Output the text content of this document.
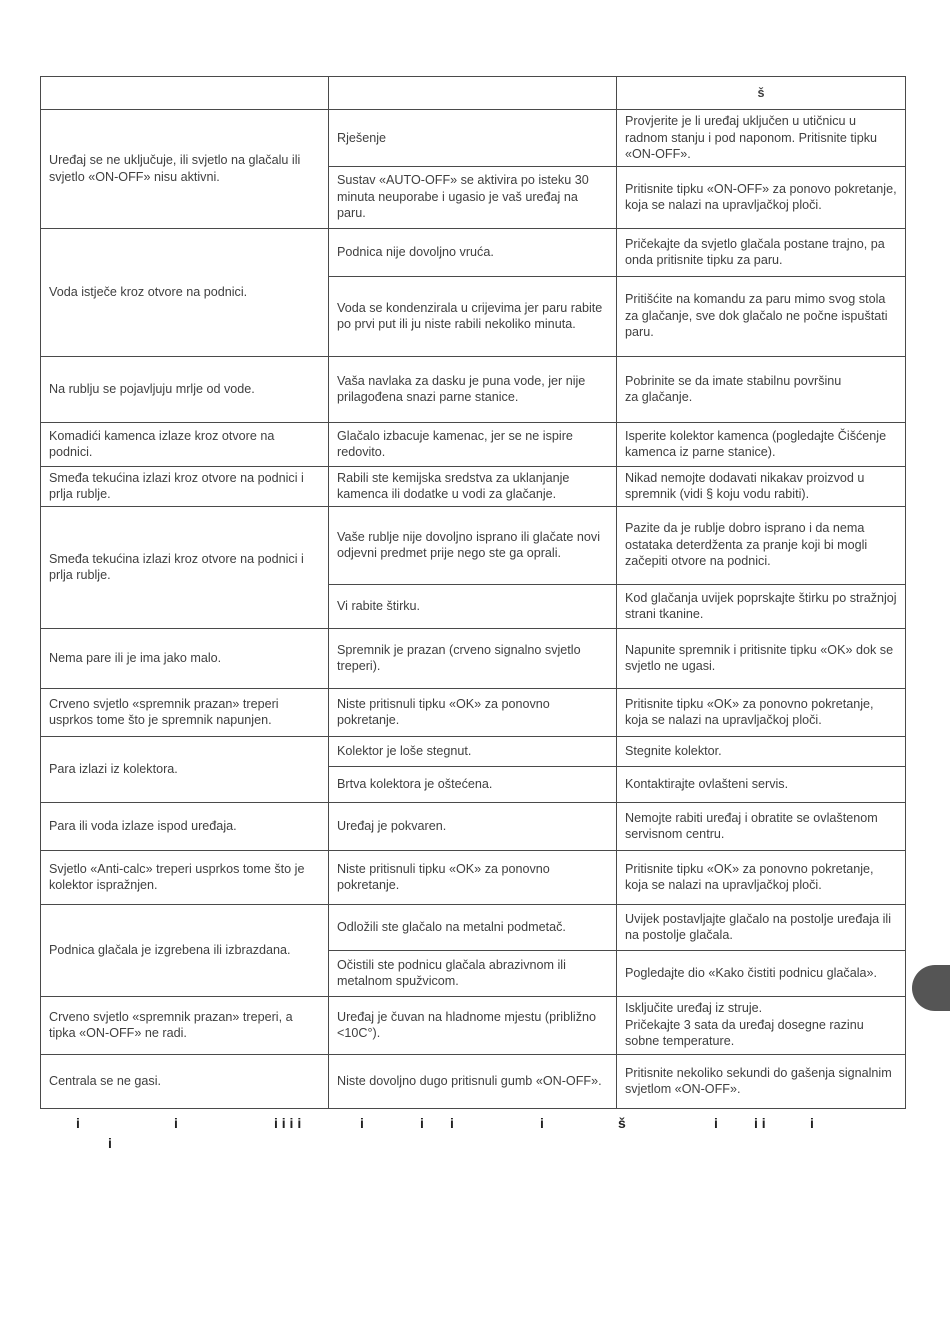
		š
Uređaj se ne uključuje, ili svjetlo na glačalu ili svjetlo «ON-OFF» nisu aktivni.	Rješenje	Provjerite je li uređaj uključen u utičnicu u radnom stanju i pod naponom. Pritisnite tipku «ON-OFF».
	Sustav «AUTO-OFF» se aktivira po isteku 30 minuta neuporabe i ugasio je vaš uređaj na paru.	Pritisnite tipku «ON-OFF» za ponovo pokretanje, koja se nalazi na upravljačkoj ploči.
Voda istječe kroz otvore na podnici.	Podnica nije dovoljno vruća.	Pričekajte da svjetlo glačala postane trajno, pa onda pritisnite tipku za paru.
	Voda se kondenzirala u crijevima jer paru rabite po prvi put ili ju niste rabili nekoliko minuta.	Pritišćite na komandu za paru mimo svog stola za glačanje, sve dok glačalo ne počne ispuštati paru.
Na rublju se pojavljuju mrlje od vode.	Vaša navlaka za dasku je puna vode, jer nije prilagođena snazi parne stanice.	Pobrinite se da imate stabilnu površinu
za glačanje.
Komadići kamenca izlaze kroz otvore na podnici.	Glačalo izbacuje kamenac, jer se ne ispire redovito.	Isperite kolektor kamenca (pogledajte Čišćenje kamenca iz parne stanice).
Smeđa tekućina izlazi kroz otvore na podnici i prlja rublje.	Rabili ste kemijska sredstva za uklanjanje kamenca ili dodatke u vodi za glačanje.	Nikad nemojte dodavati nikakav proizvod u spremnik (vidi § koju vodu rabiti).
Smeđa tekućina izlazi kroz otvore na podnici i prlja rublje.	Vaše rublje nije dovoljno isprano ili glačate novi odjevni predmet prije nego ste ga oprali.	Pazite da je rublje dobro isprano i da nema ostataka deterdženta za pranje koji bi mogli začepiti otvore na podnici.
	Vi rabite štirku.	Kod glačanja uvijek poprskajte štirku po stražnjoj strani tkanine.
Nema pare ili je ima jako malo.	Spremnik je prazan (crveno signalno svjetlo treperi).	Napunite spremnik i pritisnite tipku «OK» dok se svjetlo ne ugasi.
Crveno svjetlo «spremnik prazan» treperi usprkos tome što je spremnik napunjen.	Niste pritisnuli tipku «OK» za ponovno pokretanje.	Pritisnite tipku «OK» za ponovno pokretanje, koja se nalazi na upravljačkoj ploči.
Para izlazi iz kolektora.	Kolektor je loše stegnut.	Stegnite kolektor.
	Brtva kolektora je oštećena.	Kontaktirajte ovlašteni servis.
Para ili voda izlaze ispod uređaja.	Uređaj je pokvaren.	Nemojte rabiti uređaj i obratite se ovlaštenom servisnom centru.
Svjetlo «Anti-calc» treperi usprkos tome što je kolektor ispražnjen.	Niste pritisnuli tipku «OK» za ponovno pokretanje.	Pritisnite tipku «OK» za ponovno pokretanje, koja se nalazi na upravljačkoj ploči.
Podnica glačala je izgrebena ili izbrazdana.	Odložili ste glačalo na metalni podmetač.	Uvijek postavljajte glačalo na postolje uređaja ili na postolje glačala.
	Očistili ste podnicu glačala abrazivnom ili metalnom spužvicom.	Pogledajte dio «Kako čistiti podnicu glačala».
Crveno svjetlo «spremnik prazan» treperi, a tipka «ON-OFF» ne radi.	Uređaj je čuvan na hladnome mjestu (približno <10C°).	Isključite uređaj iz struje.
Pričekajte 3 sata da uređaj dosegne razinu sobne temperature.
Centrala se ne gasi.	Niste dovoljno dugo pritisnuli gumb «ON-OFF».	Pritisnite nekoliko sekundi do gašenja signalnim svjetlom «ON-OFF».
i	i	i i i i	i	i i	i	š	i	i i	i
i
